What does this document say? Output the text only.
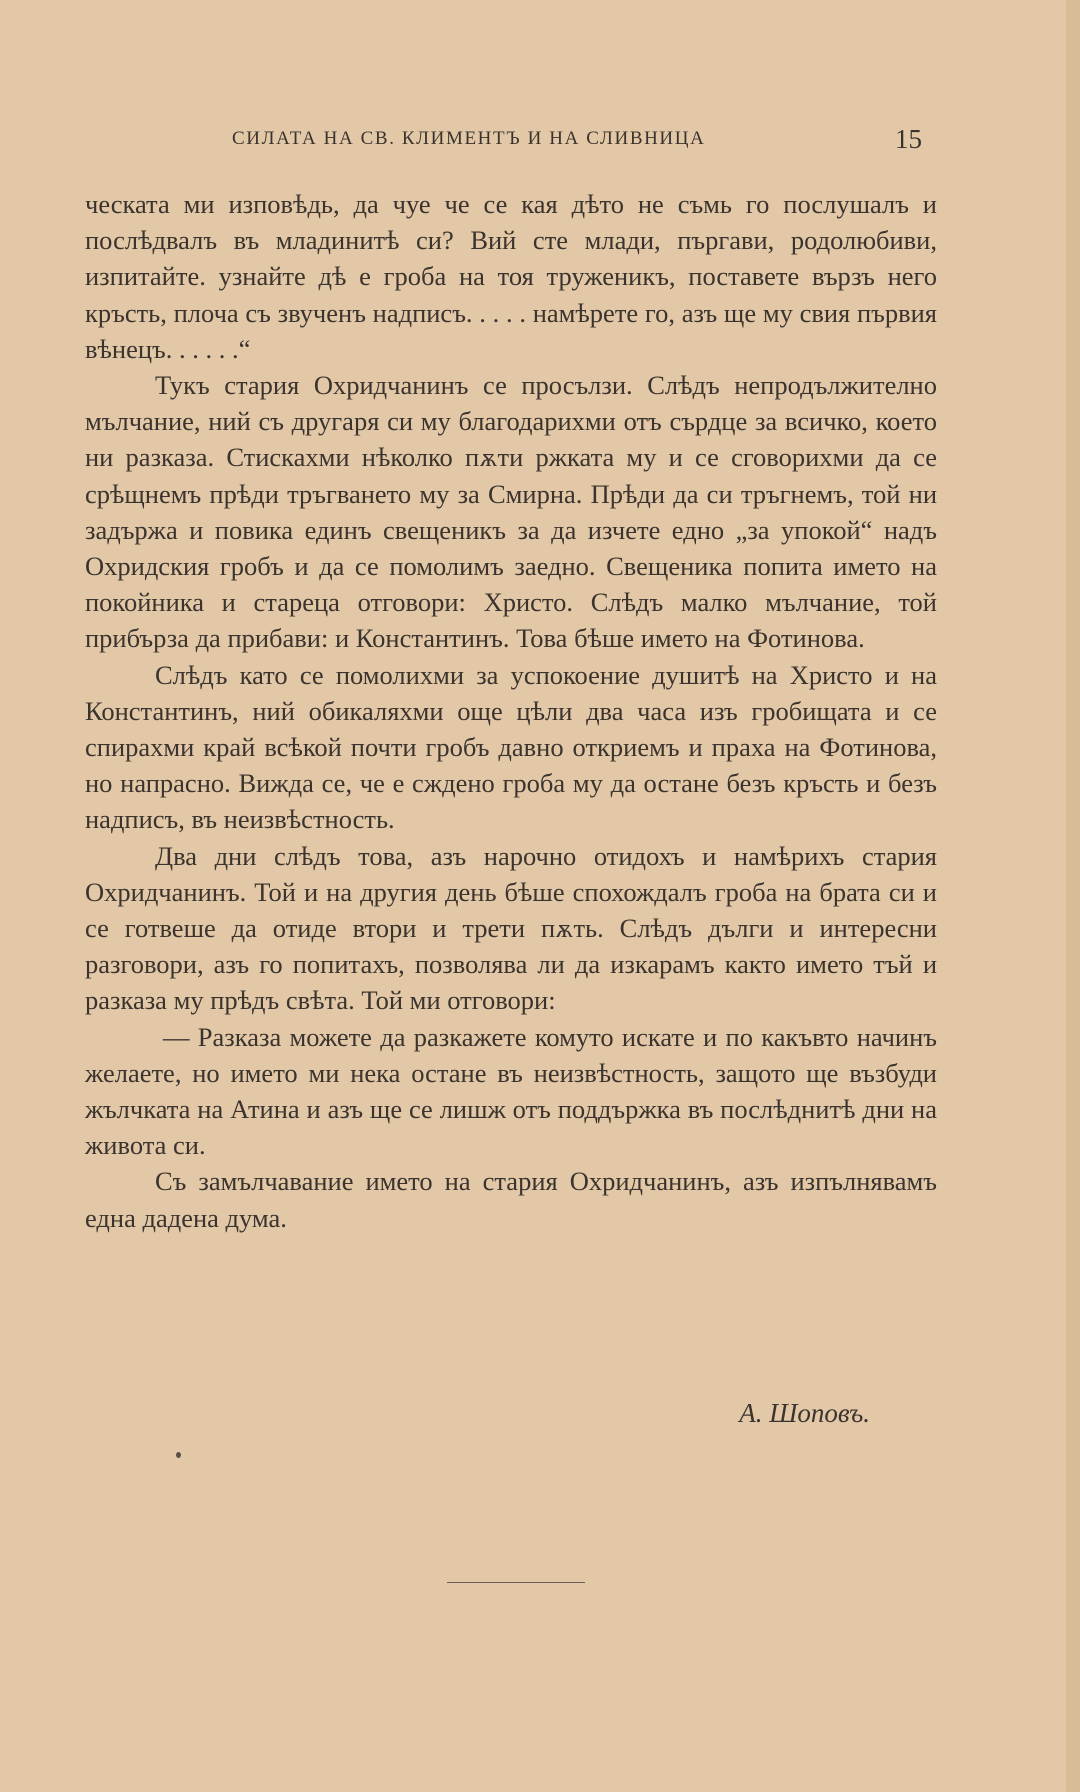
СИЛАТА НА СВ. КЛИМЕНТЪ И НА СЛИВНИЦА	15

ческата ми изповѣдь, да чуе че се кая дѣто не съмь го послушалъ и послѣдвалъ въ младинитѣ си? Вий сте млади, пъргави, родолюбиви, изпитайте. узнайте дѣ е гроба на тоя труженикъ, поставете вързъ него кръсть, плоча съ звученъ надписъ. . . . . намѣрете го, азъ ще му свия първия вѣнецъ. . . . . .“

Тукъ стария Охридчанинъ се просълзи. Слѣдъ непродължително мълчание, ний съ другаря си му благодарихми отъ сърдце за всичко, което ни разказа. Стискахми нѣколко пѫти ржката му и се сговорихми да се срѣщнемъ прѣди тръгването му за Смирна. Прѣди да си тръгнемъ, той ни задържа и повика единъ свещеникъ за да изчете едно „за упокой“ надъ Охридския гробъ и да се помолимъ заедно. Свещеника попита името на покойника и стареца отговори: Христо. Слѣдъ малко мълчание, той прибърза да прибави: и Константинъ. Това бѣше името на Фотинова.

Слѣдъ като се помолихми за успокоение душитѣ на Христо и на Константинъ, ний обикаляхми още цѣли два часа изъ гробищата и се спирахми край всѣкой почти гробъ давно откриемъ и праха на Фотинова, но напрасно. Вижда се, че е сждено гроба му да остане безъ кръсть и безъ надписъ, въ неизвѣстность.

Два дни слѣдъ това, азъ нарочно отидохъ и намѣрихъ стария Охридчанинъ. Той и на другия день бѣше спохождалъ гроба на брата си и се готвеше да отиде втори и трети пѫть. Слѣдъ дълги и интересни разговори, азъ го попитахъ, позволява ли да изкарамъ както името тъй и разказа му прѣдъ свѣта. Той ми отговори:

— Разказа можете да разкажете комуто искате и по какъвто начинъ желаете, но името ми нека остане въ неизвѣстность, защото ще възбуди жълчката на Атина и азъ ще се лишж отъ поддържка въ послѣднитѣ дни на живота си.

Съ замълчавание името на стария Охридчанинъ, азъ изпълнявамъ една дадена дума.

А. Шоповъ.
